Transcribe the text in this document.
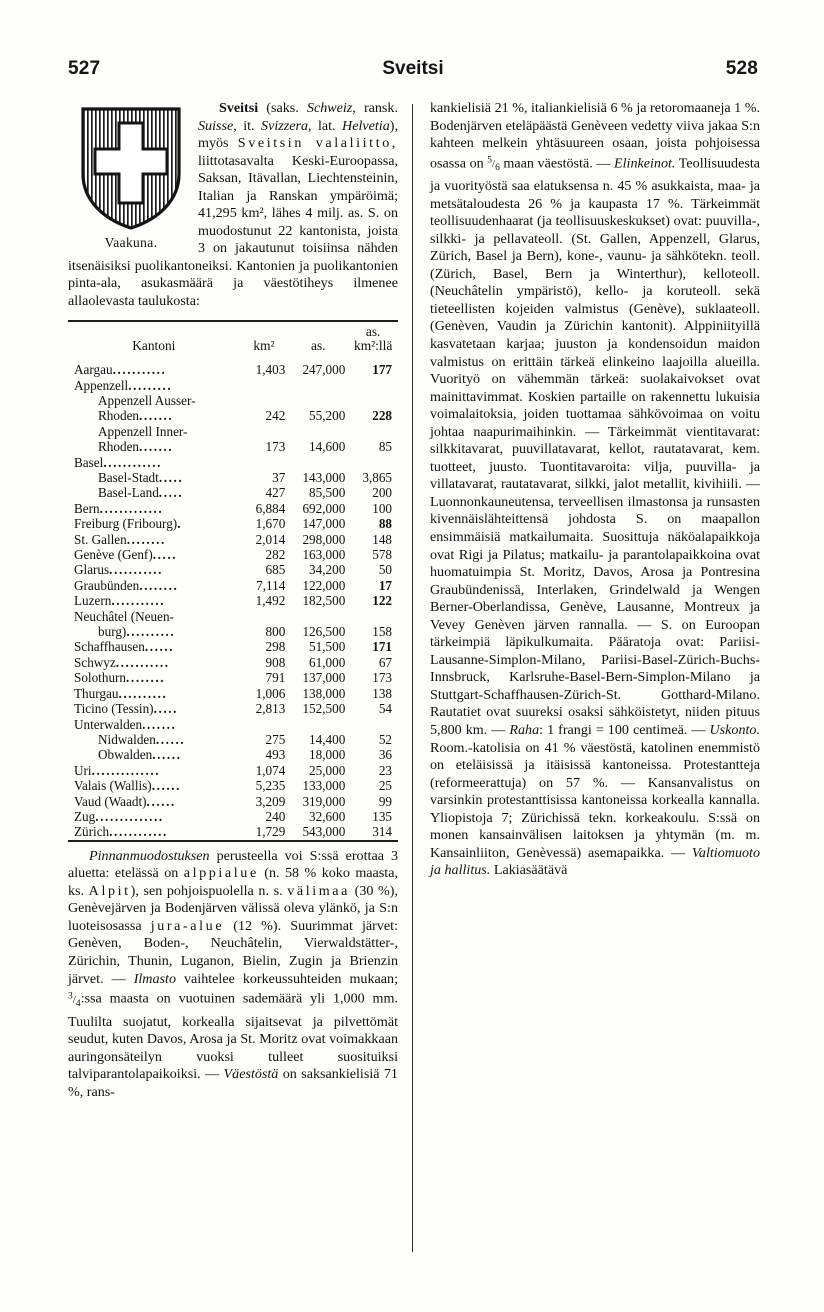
527	Sveitsi	528

Vaakuna.
Sveitsi (saks. Schweiz, ransk. Suisse, it. Svizzera, lat. Helvetia), myös Sveitsin valaliitto, liittotasavalta Keski-Euroopassa, Saksan, Itävallan, Liechtensteinin, Italian ja Ranskan ympäröimä; 41,295 km², lähes 4 milj. as. S. on muodostunut 22 kantonista, joista 3 on jakautunut toisiinsa nähden itsenäisiksi puolikantoneiksi. Kantonien ja puolikantonien pinta-ala, asukasmäärä ja väestötiheys ilmenee allaolevasta taulukosta:

Kantoni	km²	as.	as.
km²:llä

Aargau...........	1,403	247,000	177
Appenzell.........			
Appenzell Ausser-			
Rhoden.......	242	55,200	228
Appenzell Inner-			
Rhoden.......	173	14,600	85
Basel............			
Basel-Stadt.....	37	143,000	3,865
Basel-Land.....	427	85,500	200
Bern.............	6,884	692,000	100
Freiburg (Fribourg).	1,670	147,000	88
St. Gallen........	2,014	298,000	148
Genève (Genf).....	282	163,000	578
Glarus...........	685	34,200	50
Graubünden........	7,114	122,000	17
Luzern...........	1,492	182,500	122
Neuchâtel (Neuen-			
burg)..........	800	126,500	158
Schaffhausen......	298	51,500	171
Schwyz...........	908	61,000	67
Solothurn........	791	137,000	173
Thurgau..........	1,006	138,000	138
Ticino (Tessin).....	2,813	152,500	54
Unterwalden.......			
Nidwalden......	275	14,400	52
Obwalden......	493	18,000	36
Uri..............	1,074	25,000	23
Valais (Wallis)......	5,235	133,000	25
Vaud (Waadt)......	3,209	319,000	99
Zug..............	240	32,600	135
Zürich............	1,729	543,000	314

Pinnanmuodostuksen perusteella voi S:ssä erottaa 3 aluetta: etelässä on alppialue (n. 58 % koko maasta, ks. Alpit), sen pohjoispuolella n. s. välimaa (30 %), Genèvejärven ja Bodenjärven välissä oleva ylänkö, ja S:n luoteisosassa jura-alue (12 %). Suurimmat järvet: Genèven, Boden-, Neuchâtelin, Vierwaldstätter-, Zürichin, Thunin, Luganon, Bielin, Zugin ja Brienzin järvet. — Ilmasto vaihtelee korkeussuhteiden mukaan; $^3/_4:ssa$ maasta on vuotuinen sademäärä yli 1,000 mm. Tuulilta suojatut, korkealla sijaitsevat ja pilvettömät seudut, kuten Davos, Arosa ja St. Moritz ovat voimakkaan auringonsäteilyn vuoksi tulleet suosituiksi talviparantolapaikoiksi. — Väestöstä on saksankielisiä 71 %, rans-

kankielisiä 21 %, italiankielisiä 6 % ja retoromaaneja 1 %. Bodenjärven eteläpäästä Genèveen vedetty viiva jakaa S:n kahteen melkein yhtäsuureen osaan, joista pohjoisessa osassa on $^5/_6$ maan väestöstä. — Elinkeinot. Teollisuudesta ja vuorityöstä saa elatuksensa n. 45 % asukkaista, maa- ja metsätaloudesta 26 % ja kaupasta 17 %. Tärkeimmät teollisuudenhaarat (ja teollisuuskeskukset) ovat: puuvilla-, silkki- ja pellavateoll. (St. Gallen, Appenzell, Glarus, Zürich, Basel ja Bern), kone-, vaunu- ja sähkötekn. teoll. (Zürich, Basel, Bern ja Winterthur), kelloteoll. (Neuchâtelin ympäristö), kello- ja koruteoll. sekä tieteellisten kojeiden valmistus (Genève), suklaateoll. (Genèven, Vaudin ja Zürichin kantonit). Alppiniityillä kasvatetaan karjaa; juuston ja kondensoidun maidon valmistus on erittäin tärkeä elinkeino laajoilla alueilla. Vuorityö on vähemmän tärkeä: suolakaivokset ovat mainittavimmat. Koskien partaille on rakennettu lukuisia voimalaitoksia, joiden tuottamaa sähkövoimaa on voitu johtaa naapurimaihinkin. — Tärkeimmät vientitavarat: silkkitavarat, puuvillatavarat, kellot, rautatavarat, kem. tuotteet, juusto. Tuontitavaroita: vilja, puuvilla- ja villatavarat, rautatavarat, silkki, jalot metallit, kivihiili. — Luonnonkauneutensa, terveellisen ilmastonsa ja runsasten kivennäislähteittensä johdosta S. on maapallon ensimmäisiä matkailumaita. Suosittuja näköalapaikkoja ovat Rigi ja Pilatus; matkailu- ja parantolapaikkoina ovat huomatuimpia St. Moritz, Davos, Arosa ja Pontresina Graubündenissä, Interlaken, Grindelwald ja Wengen Berner-Oberlandissa, Genève, Lausanne, Montreux ja Vevey Genèven järven rannalla. — S. on Euroopan tärkeimpiä läpikulkumaita. Pääratoja ovat: Pariisi-Lausanne-Simplon-Milano, Pariisi-Basel-Zürich-Buchs-Innsbruck, Karlsruhe-Basel-Bern-Simplon-Milano ja Stuttgart-Schaffhausen-Zürich-St. Gotthard-Milano. Rautatiet ovat suureksi osaksi sähköistetyt, niiden pituus 5,800 km. — Raha: 1 frangi = 100 centimeä. — Uskonto. Room.-katolisia on 41 % väestöstä, katolinen enemmistö on eteläisissä ja itäisissä kantoneissa. Protestantteja (reformeerattuja) on 57 %. — Kansanvalistus on varsinkin protestanttisissa kantoneissa korkealla kannalla. Yliopistoja 7; Zürichissä tekn. korkeakoulu. S:ssä on monen kansainvälisen laitoksen ja yhtymän (m. m. Kansainliiton, Genèvessä) asemapaikka. — Valtiomuoto ja hallitus. Lakiasäätävä
